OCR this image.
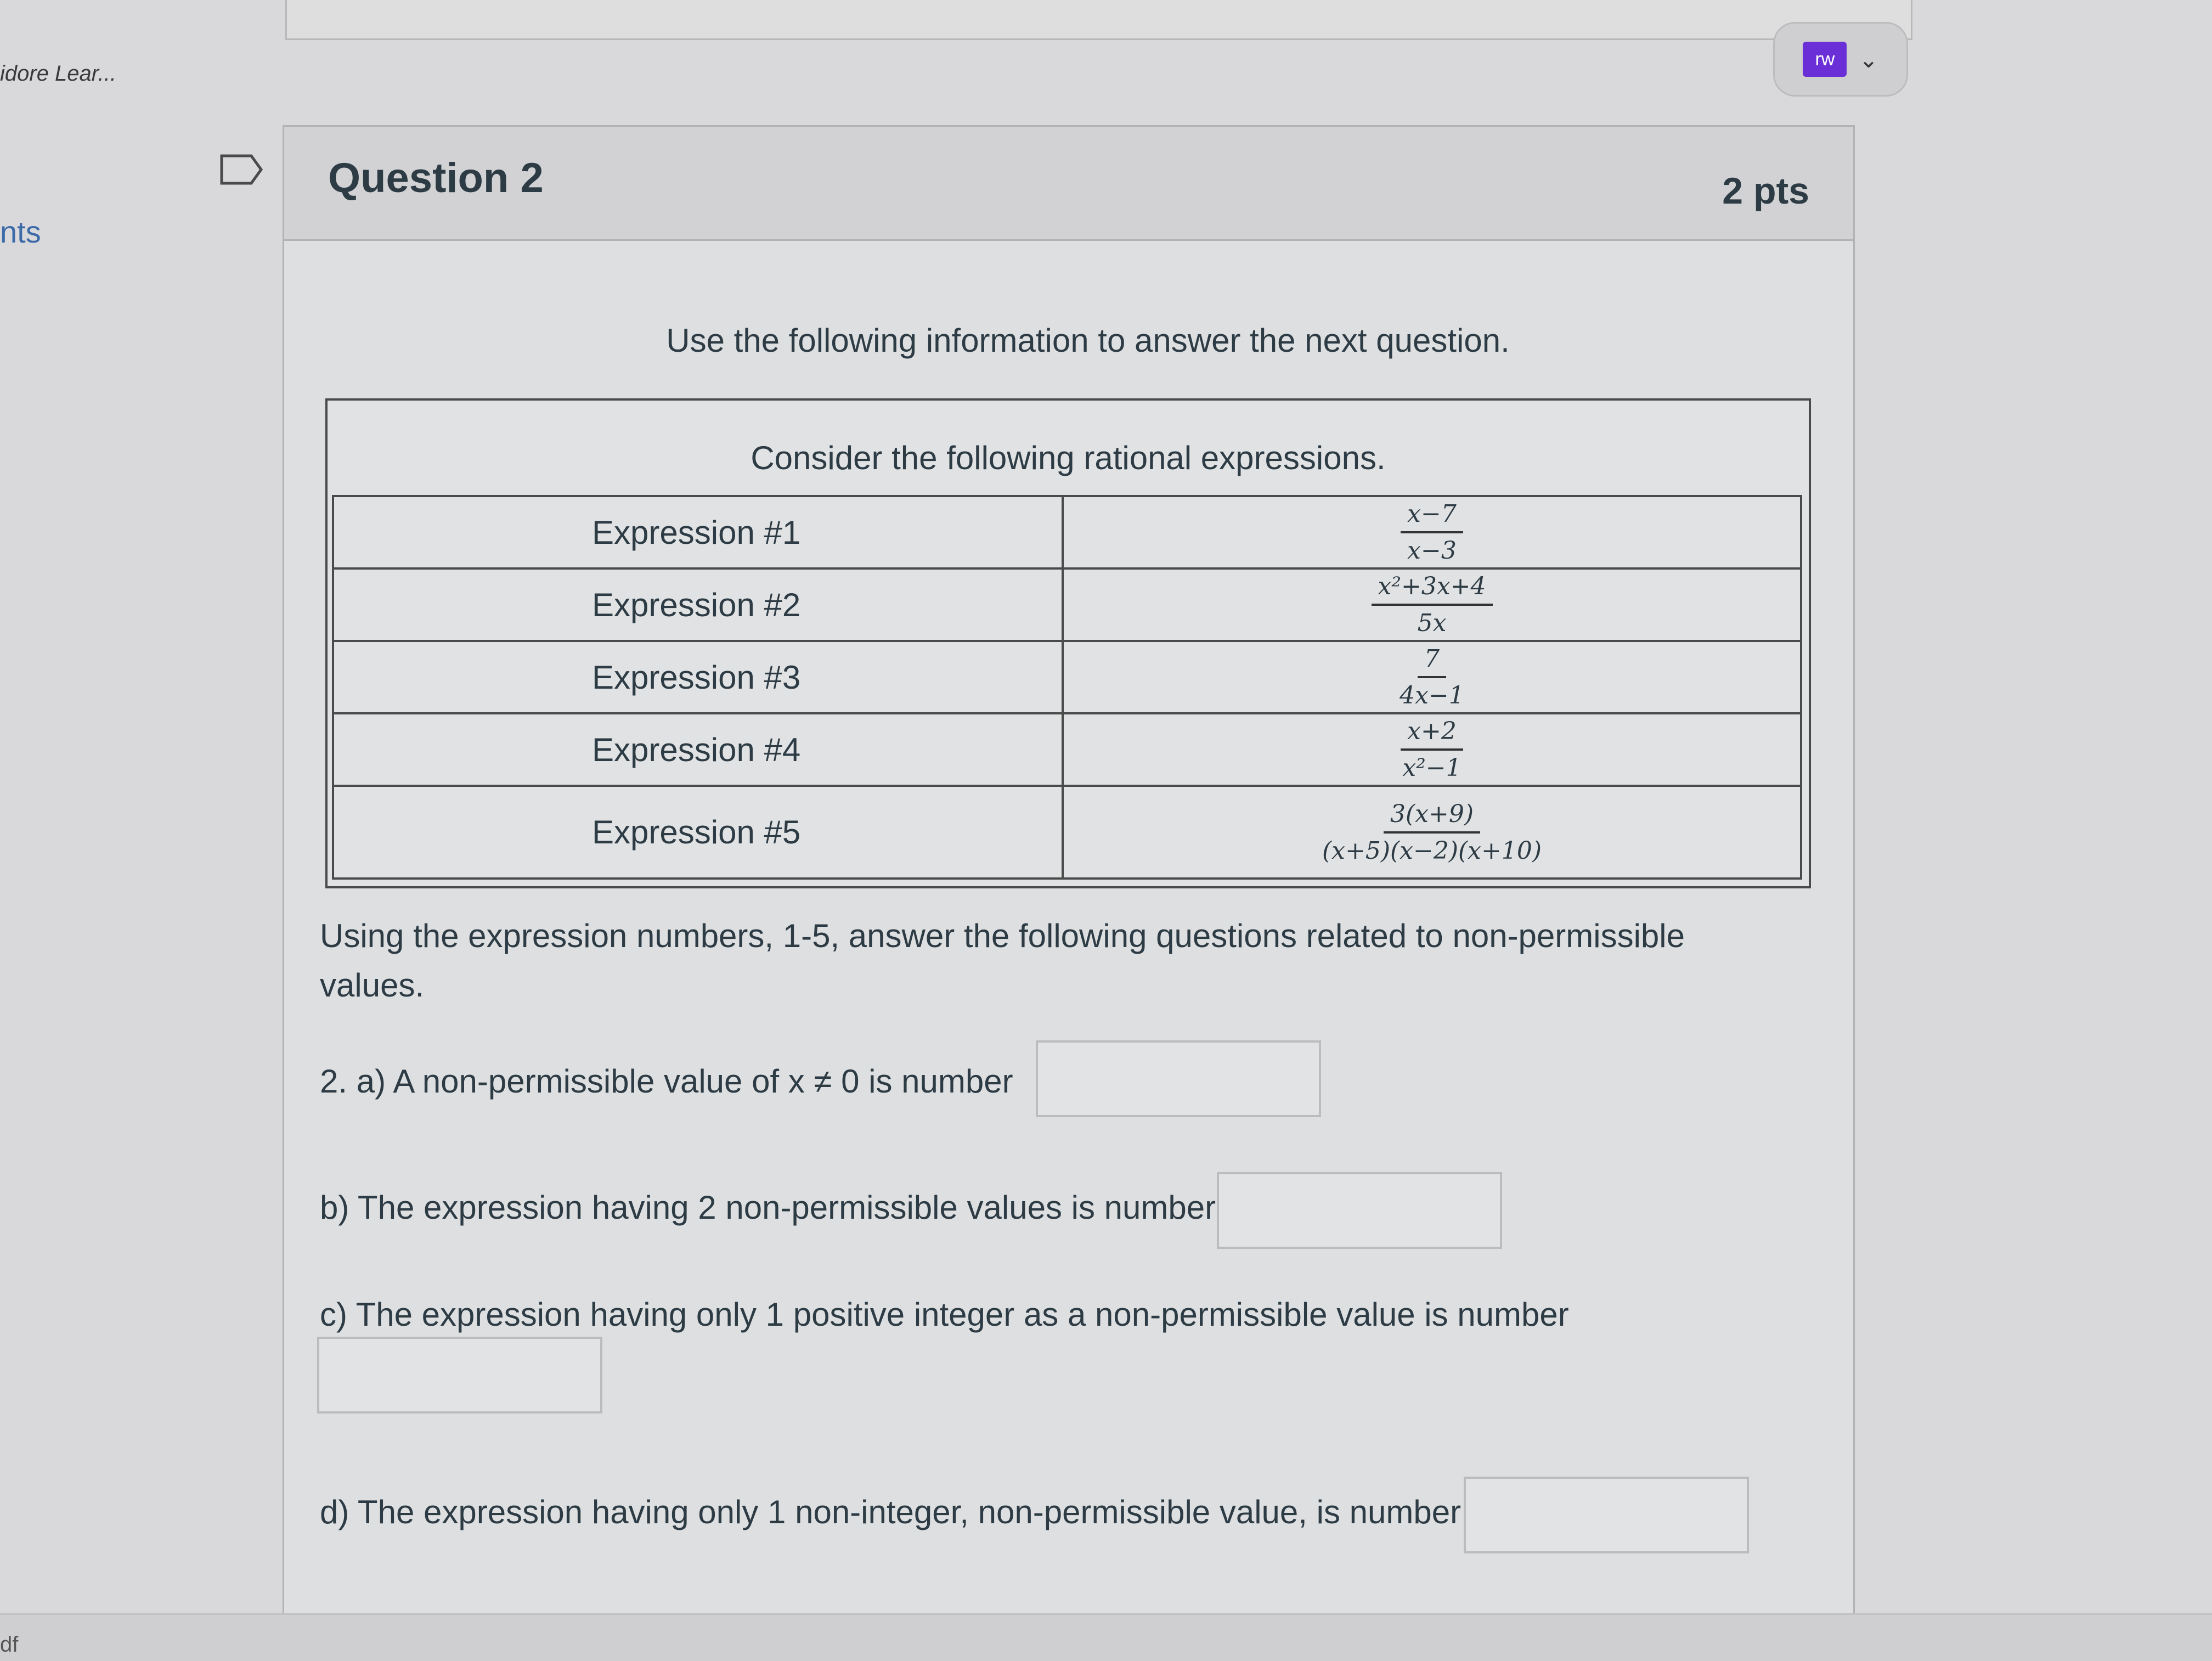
idore Lear...
nts
rw	⌄
Question 2	2 pts
Use the following information to answer the next question.
Consider the following rational expressions.
Expression #1	$\frac{x-7}{x-3}$

Expression #2	$\frac{\text{x²+3x+4}}{5x}$

Expression #3	$\frac{7}{4x-1}$

Expression #4	$\frac{x+2}{\text{x²−1}}$

Expression #5	$\frac{3(x+9)}{(x+5)(x-2)(x+10)}$
Using the expression numbers, 1-5, answer the following questions related to non-permissible values.
2. a) A non-permissible value of x ≠ 0 is number
b) The expression having 2 non-permissible values is number
c) The expression having only 1 positive integer as a non-permissible value is number
d) The expression having only 1 non-integer, non-permissible value, is number
df
